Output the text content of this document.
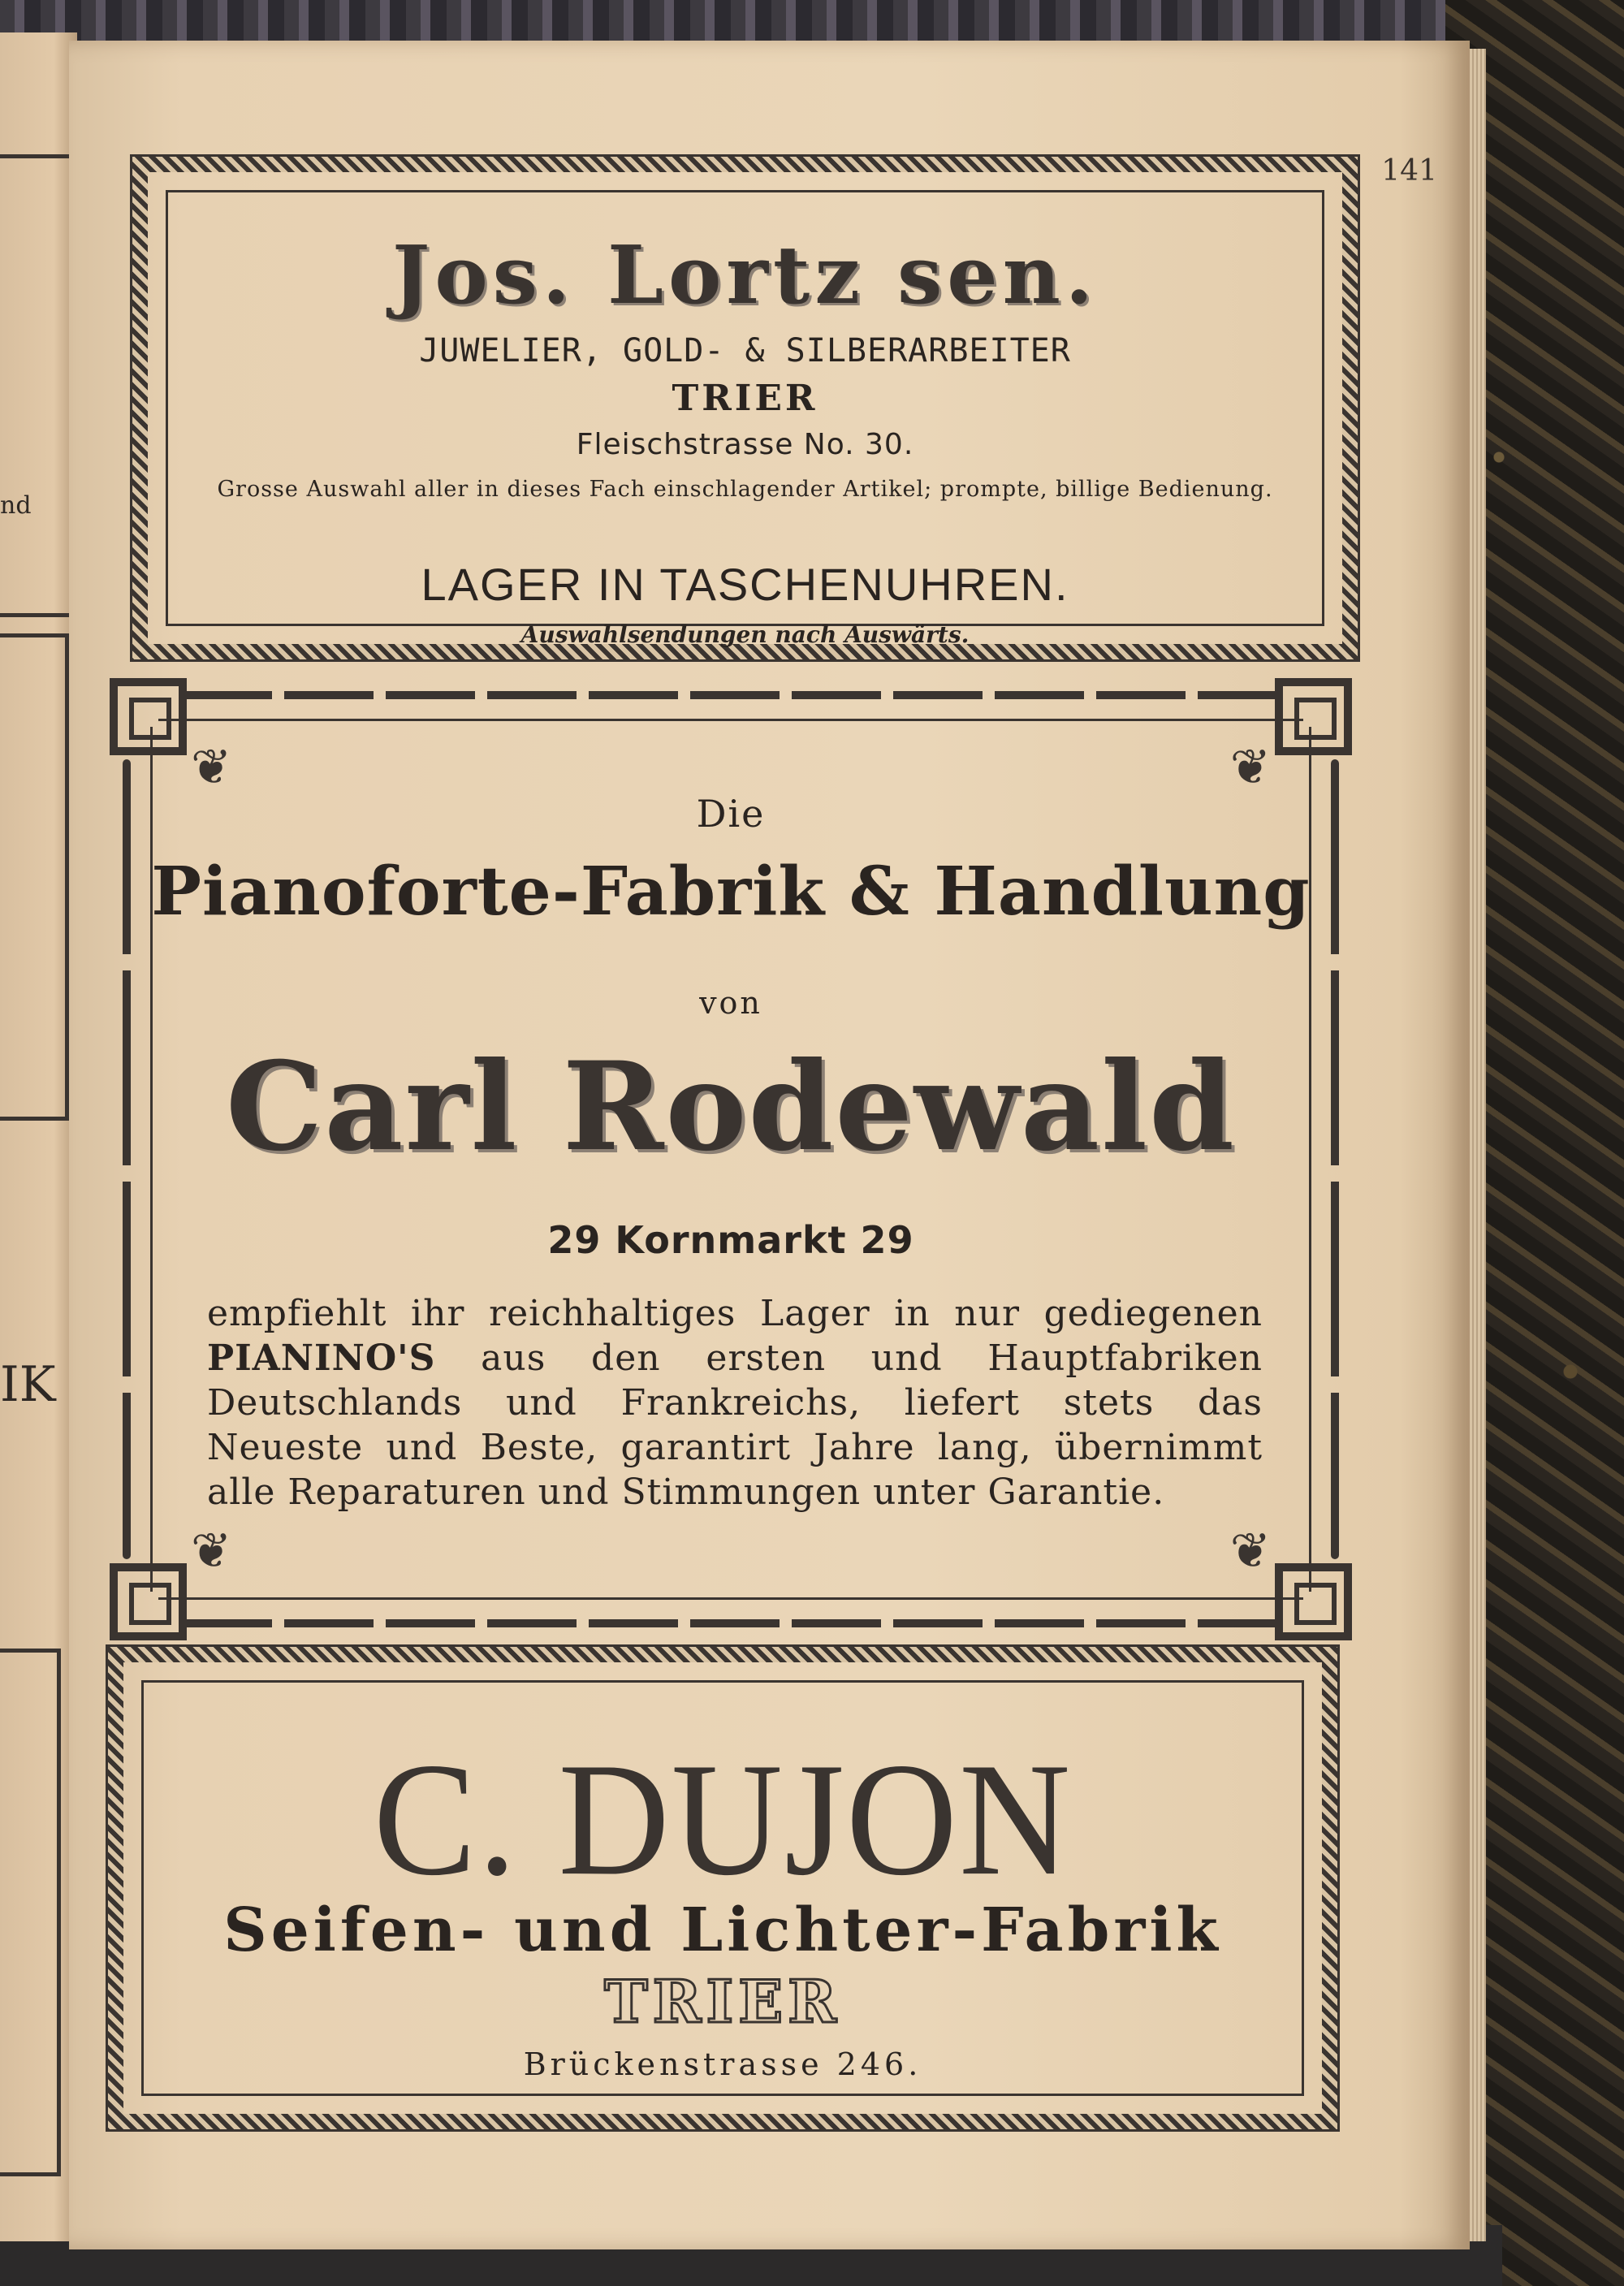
nd
IK
141
Jos. Lortz sen.
JUWELIER, GOLD- & SILBERARBEITER
TRIER
Fleischstrasse No. 30.
Grosse Auswahl aller in dieses Fach einschlagender Artikel; prompte, billige Bedienung.
LAGER IN TASCHENUHREN.
Auswahlsendungen nach Auswärts.
❦	❦
❦	❦
Die
Pianoforte-Fabrik & Handlung
von
Carl Rodewald
29 Kornmarkt 29
empfiehlt ihr reichhaltiges Lager in nur gediegenen PIANINO'S aus den ersten und Hauptfabriken Deutschlands und Frankreichs, liefert stets das Neueste und Beste, garantirt Jahre lang, übernimmt alle Reparaturen und Stimmungen unter Garantie.
C. DUJON
Seifen- und Lichter-Fabrik
TRIER
Brückenstrasse 246.
